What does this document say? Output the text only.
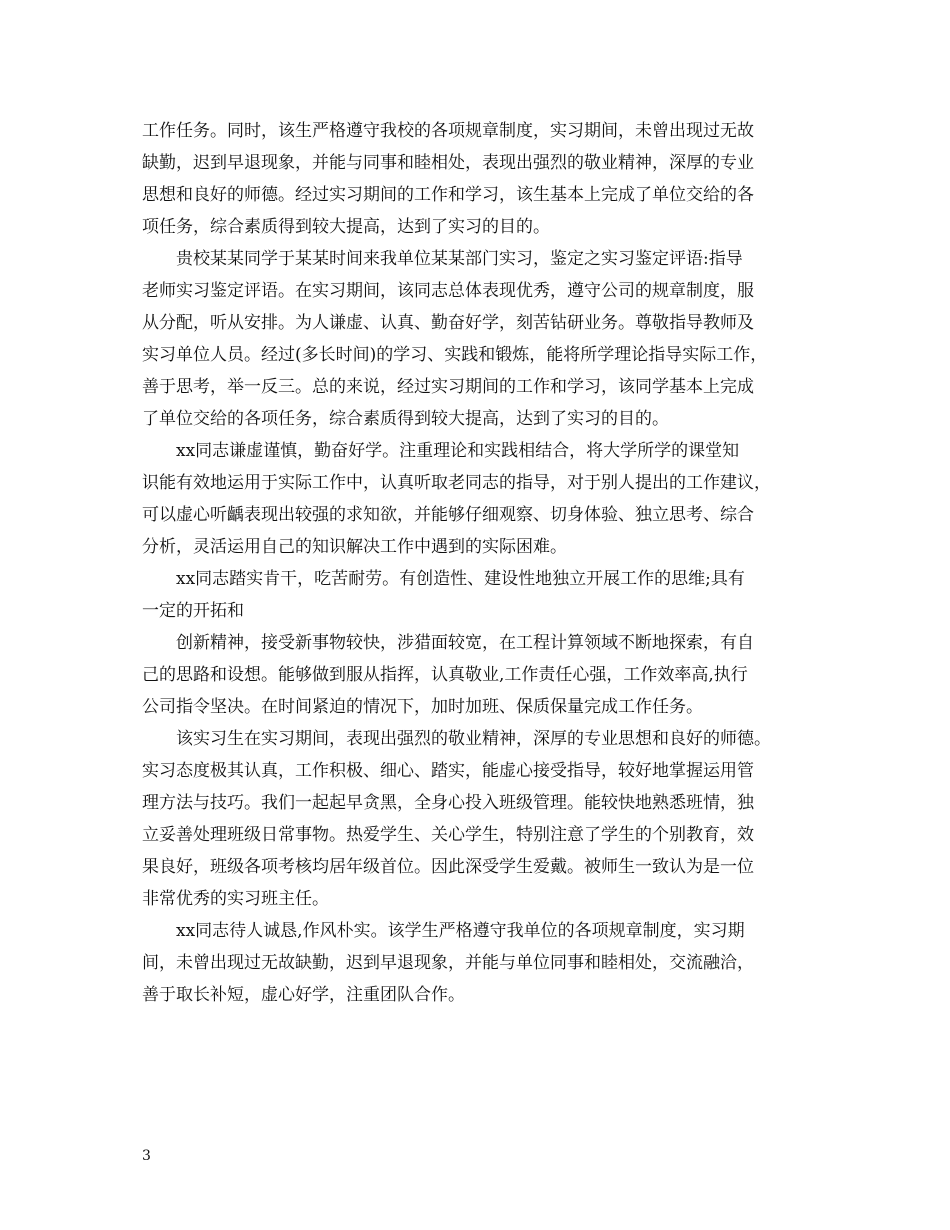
工作任务。同时，该生严格遵守我校的各项规章制度，实习期间，未曾出现过无故
缺勤，迟到早退现象，并能与同事和睦相处，表现出强烈的敬业精神，深厚的专业
思想和良好的师德。经过实习期间的工作和学习，该生基本上完成了单位交给的各
项任务，综合素质得到较大提高，达到了实习的目的。
贵校某某同学于某某时间来我单位某某部门实习，鉴定之实习鉴定评语:指导
老师实习鉴定评语。在实习期间，该同志总体表现优秀，遵守公司的规章制度，服
从分配，听从安排。为人谦虚、认真、勤奋好学，刻苦钻研业务。尊敬指导教师及
实习单位人员。经过(多长时间)的学习、实践和锻炼，能将所学理论指导实际工作，
善于思考，举一反三。总的来说，经过实习期间的工作和学习，该同学基本上完成
了单位交给的各项任务，综合素质得到较大提高，达到了实习的目的。
xx同志谦虚谨慎，勤奋好学。注重理论和实践相结合，将大学所学的课堂知
识能有效地运用于实际工作中，认真听取老同志的指导，对于别人提出的工作建议，
可以虚心听齲表现出较强的求知欲，并能够仔细观察、切身体验、独立思考、综合
分析，灵活运用自己的知识解决工作中遇到的实际困难。
xx同志踏实肯干，吃苦耐劳。有创造性、建设性地独立开展工作的思维;具有
一定的开拓和
创新精神，接受新事物较快，涉猎面较宽，在工程计算领域不断地探索，有自
己的思路和设想。能够做到服从指挥，认真敬业,工作责任心强，工作效率高,执行
公司指令坚决。在时间紧迫的情况下，加时加班、保质保量完成工作任务。
该实习生在实习期间，表现出强烈的敬业精神，深厚的专业思想和良好的师德。
实习态度极其认真，工作积极、细心、踏实，能虚心接受指导，较好地掌握运用管
理方法与技巧。我们一起起早贪黑，全身心投入班级管理。能较快地熟悉班情，独
立妥善处理班级日常事物。热爱学生、关心学生，特别注意了学生的个别教育，效
果良好，班级各项考核均居年级首位。因此深受学生爱戴。被师生一致认为是一位
非常优秀的实习班主任。
xx同志待人诚恳,作风朴实。该学生严格遵守我单位的各项规章制度，实习期
间，未曾出现过无故缺勤，迟到早退现象，并能与单位同事和睦相处，交流融洽，
善于取长补短，虚心好学，注重团队合作。
3
